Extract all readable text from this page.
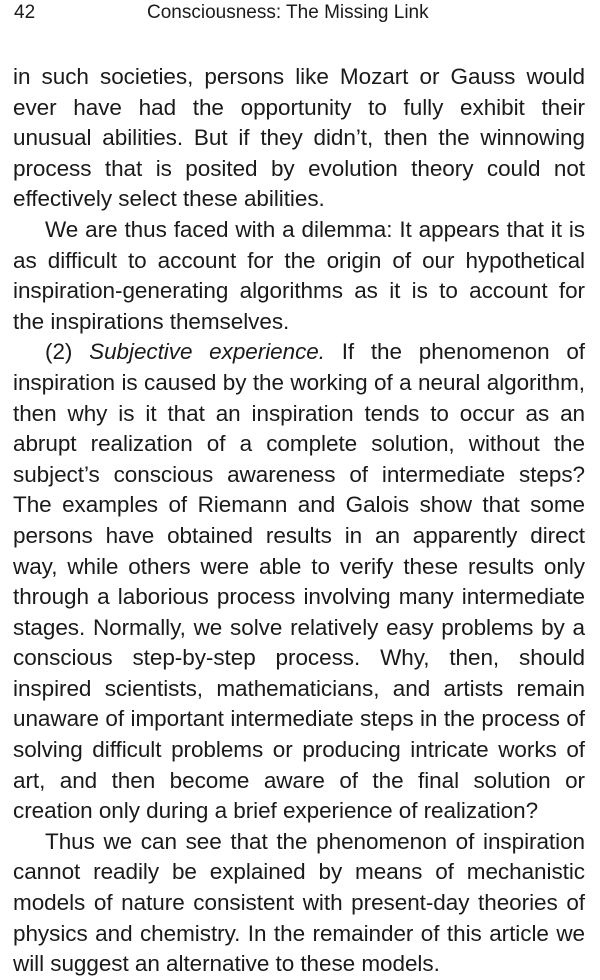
42	Consciousness: The Missing Link

in such societies, persons like Mozart or Gauss would ever have had the opportunity to fully exhibit their unusual abilities. But if they didn’t, then the winnowing process that is posited by evolution theory could not effectively select these abilities.

We are thus faced with a dilemma: It appears that it is as difficult to account for the origin of our hypothetical inspiration-generating algorithms as it is to account for the inspirations themselves.

(2) Subjective experience. If the phenomenon of inspiration is caused by the working of a neural algorithm, then why is it that an inspiration tends to occur as an abrupt realization of a complete solution, without the subject’s conscious awareness of intermediate steps? The examples of Riemann and Galois show that some persons have obtained results in an apparently direct way, while others were able to verify these results only through a laborious process involving many intermediate stages. Normally, we solve relatively easy problems by a conscious step-by-step process. Why, then, should inspired scientists, mathematicians, and artists remain unaware of important intermediate steps in the process of solving difficult problems or producing intricate works of art, and then become aware of the final solution or creation only during a brief experience of realization?

Thus we can see that the phenomenon of inspiration cannot readily be explained by means of mechanistic models of nature consistent with present-day theories of physics and chemistry. In the remainder of this article we will suggest an alternative to these models.
